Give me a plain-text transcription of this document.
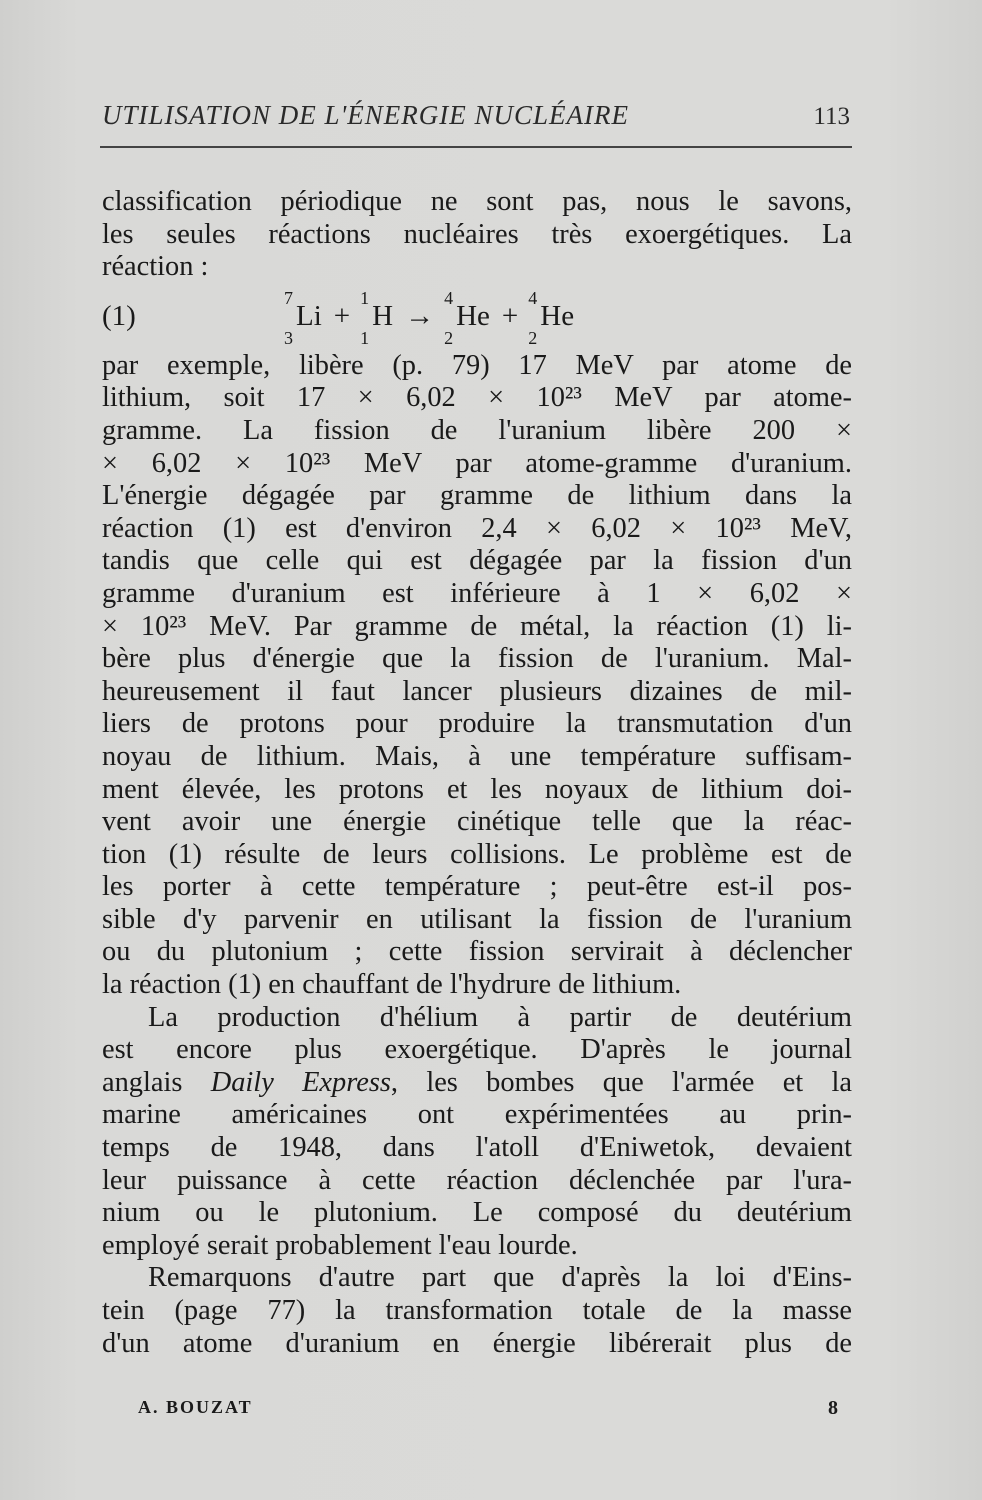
UTILISATION DE L'ÉNERGIE NUCLÉAIRE	113
classification périodique ne sont pas, nous le savons,
les seules réactions nucléaires très exoergétiques. La
réaction :
(1)
7
3
Li +
1
1
H →
4
2
He +
4
2
He
par exemple, libère (p. 79) 17 MeV par atome de
lithium, soit 17 × 6,02 × 10²³ MeV par atome-
gramme. La fission de l'uranium libère 200 ×
× 6,02 × 10²³ MeV par atome-gramme d'uranium.
L'énergie dégagée par gramme de lithium dans la
réaction (1) est d'environ 2,4 × 6,02 × 10²³ MeV,
tandis que celle qui est dégagée par la fission d'un
gramme d'uranium est inférieure à 1 × 6,02 ×
× 10²³ MeV. Par gramme de métal, la réaction (1) li-
bère plus d'énergie que la fission de l'uranium. Mal-
heureusement il faut lancer plusieurs dizaines de mil-
liers de protons pour produire la transmutation d'un
noyau de lithium. Mais, à une température suffisam-
ment élevée, les protons et les noyaux de lithium doi-
vent avoir une énergie cinétique telle que la réac-
tion (1) résulte de leurs collisions. Le problème est de
les porter à cette température ; peut-être est-il pos-
sible d'y parvenir en utilisant la fission de l'uranium
ou du plutonium ; cette fission servirait à déclencher
la réaction (1) en chauffant de l'hydrure de lithium.
La production d'hélium à partir de deutérium
est encore plus exoergétique. D'après le journal
anglais Daily Express, les bombes que l'armée et la
marine américaines ont expérimentées au prin-
temps de 1948, dans l'atoll d'Eniwetok, devaient
leur puissance à cette réaction déclenchée par l'ura-
nium ou le plutonium. Le composé du deutérium
employé serait probablement l'eau lourde.
Remarquons d'autre part que d'après la loi d'Eins-
tein (page 77) la transformation totale de la masse
d'un atome d'uranium en énergie libérerait plus de
A. BOUZAT	8
